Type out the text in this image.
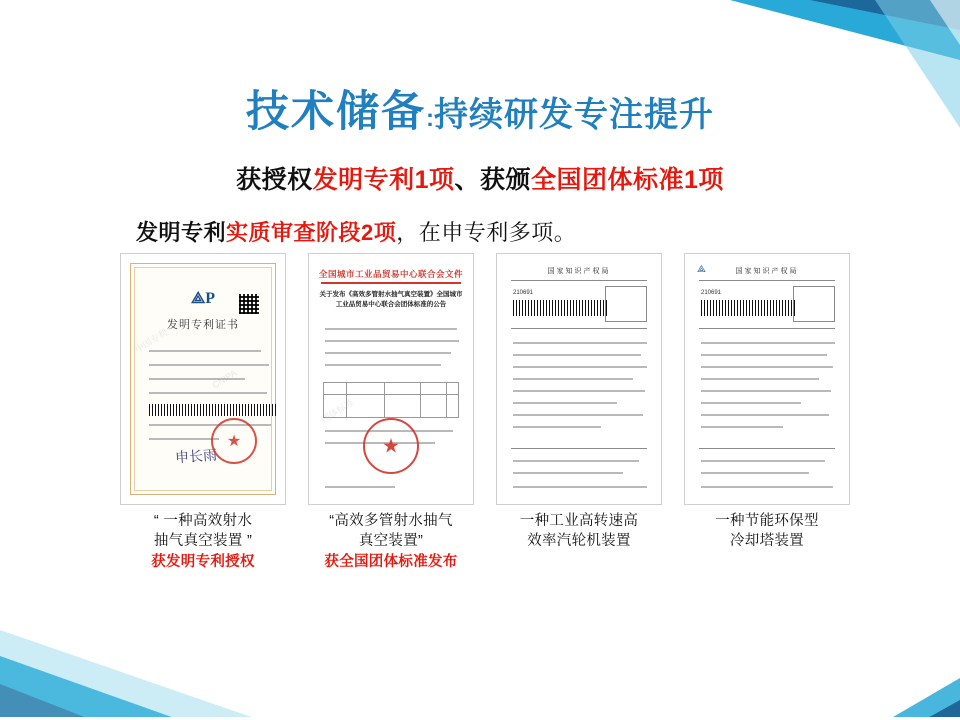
技术储备:持续研发专注提升
获授权发明专利1项、获颁全国团体标准1项
发明专利实质审查阶段2项，在申专利多项。
⟁P
发明专利证书
申长雨
★
中国专利
CNIPA
“ 一种高效射水
抽气真空装置 ”
获发明专利授权
全国城市工业品贸易中心联合会文件
关于发布《高效多管射水抽气真空装置》全国城市工业品贸易中心联合会团体标准的公告
★
团体标准
“高效多管射水抽气
真空装置”
获全国团体标准发布
国家知识产权局
210691
一种工业高转速高
效率汽轮机装置
国家知识产权局
⟁
210691
一种节能环保型
冷却塔装置
